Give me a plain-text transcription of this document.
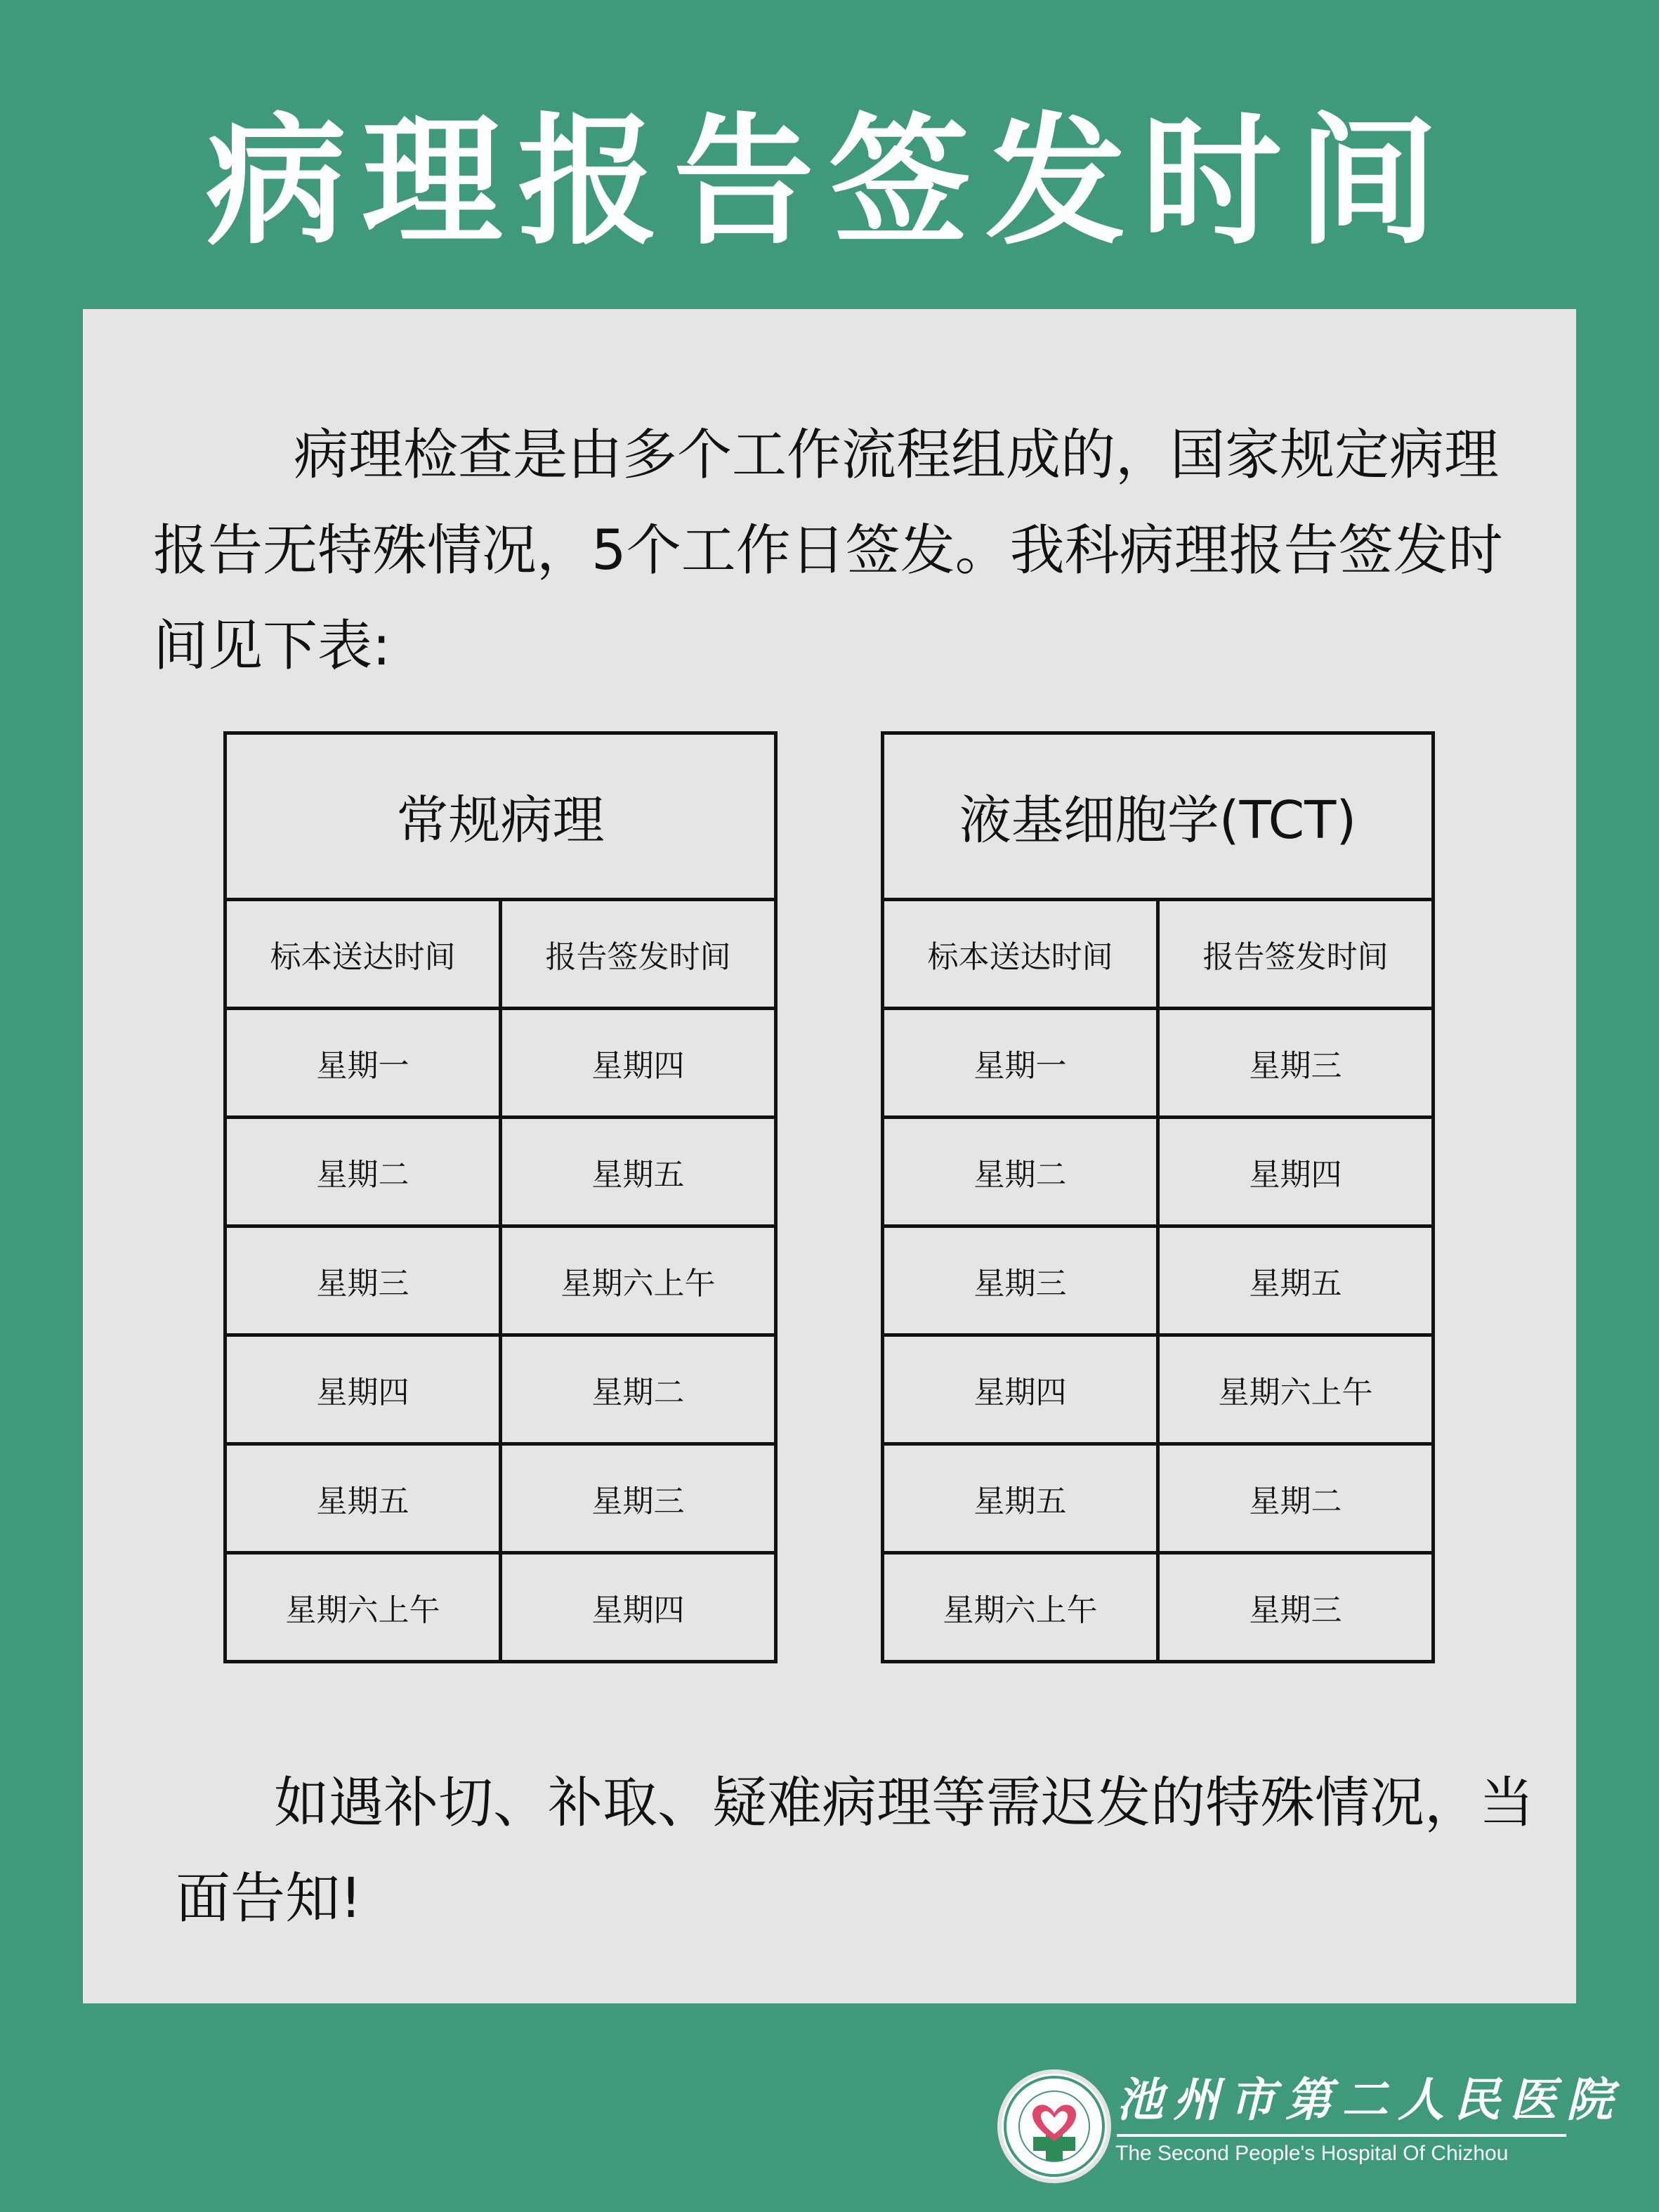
病理报告签发时间

病理检查是由多个工作流程组成的，国家规定病理报告无特殊情况，5个工作日签发。我科病理报告签发时间见下表:

常规病理	
标本送达时间	报告签发时间
星期一	星期四
星期二	星期五
星期三	星期六上午
星期四	星期二
星期五	星期三
星期六上午	星期四
液基细胞学(TCT)	
标本送达时间	报告签发时间
星期一	星期三
星期二	星期四
星期三	星期五
星期四	星期六上午
星期五	星期二
星期六上午	星期三

如遇补切、补取、疑难病理等需迟发的特殊情况，当面告知!

池州市第二人民医院
The Second People's Hospital Of Chizhou
